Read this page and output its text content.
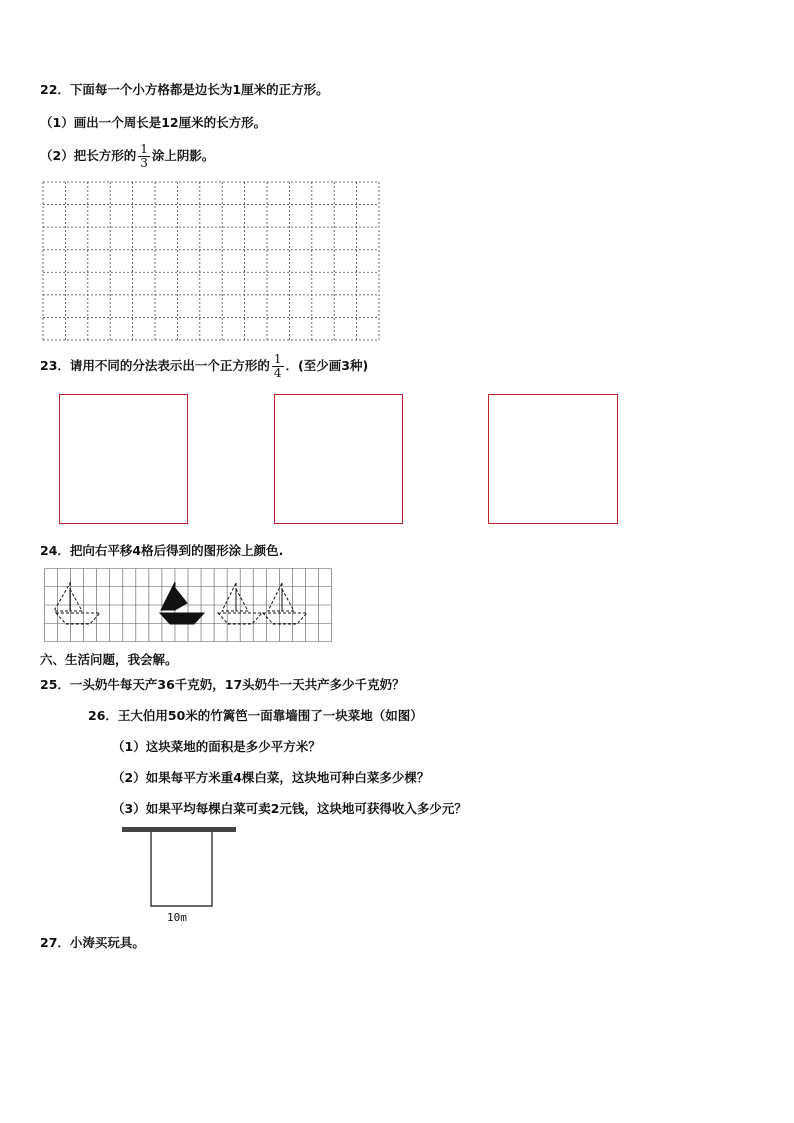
22．下面每一个小方格都是边长为1厘米的正方形。
（1）画出一个周长是12厘米的长方形。
（2）把长方形的 $\frac{1}{3}$ 涂上阴影。
23．请用不同的分法表示出一个正方形的 $\frac{1}{4}$ ．(至少画3种)
24．把向右平移4格后得到的图形涂上颜色.
六、生活问题，我会解。
25．一头奶牛每天产36千克奶，17头奶牛一天共产多少千克奶？
26．王大伯用50米的竹篱笆一面靠墙围了一块菜地（如图）
（1）这块菜地的面积是多少平方米？
（2）如果每平方米重4棵白菜，这块地可种白菜多少棵？
（3）如果平均每棵白菜可卖2元钱，这块地可获得收入多少元？
10m
27．小涛买玩具。
